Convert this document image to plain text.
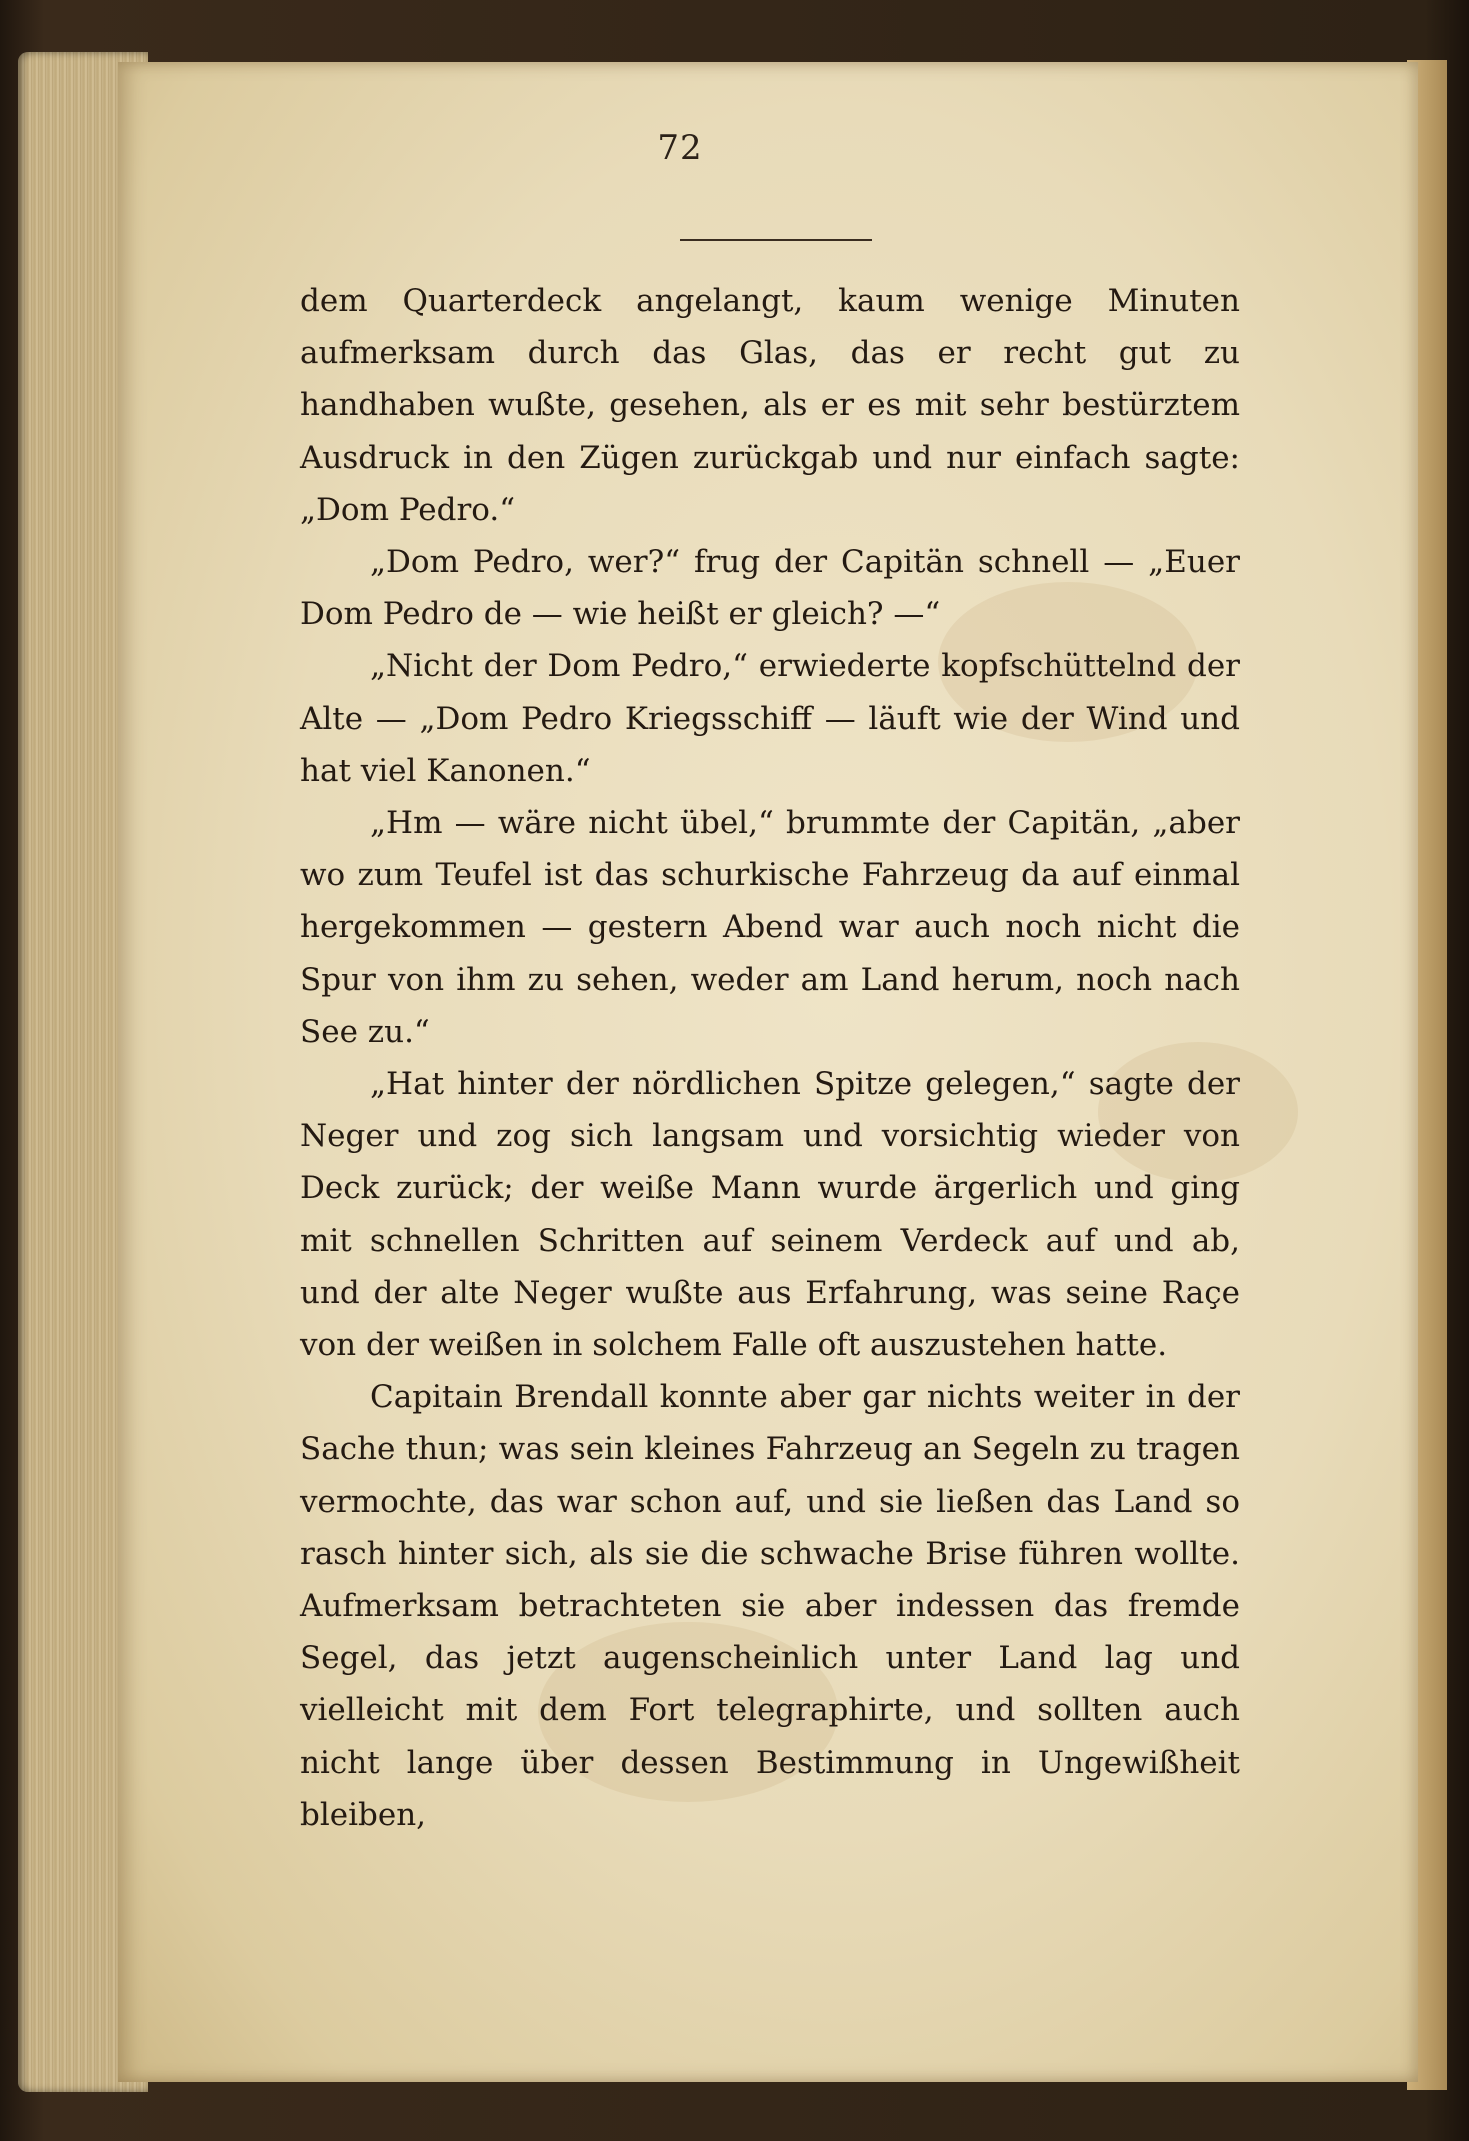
72

dem Quarterdeck angelangt, kaum wenige Minuten aufmerksam durch das Glas, das er recht gut zu handhaben wußte, gesehen, als er es mit sehr bestürztem Ausdruck in den Zügen zurückgab und nur einfach sagte: „Dom Pedro.“

„Dom Pedro, wer?“ frug der Capitän schnell — „Euer Dom Pedro de — wie heißt er gleich? —“

„Nicht der Dom Pedro,“ erwiederte kopfschüttelnd der Alte — „Dom Pedro Kriegsschiff — läuft wie der Wind und hat viel Kanonen.“

„Hm — wäre nicht übel,“ brummte der Capitän, „aber wo zum Teufel ist das schurkische Fahrzeug da auf einmal hergekommen — gestern Abend war auch noch nicht die Spur von ihm zu sehen, weder am Land herum, noch nach See zu.“

„Hat hinter der nördlichen Spitze gelegen,“ sagte der Neger und zog sich langsam und vorsichtig wieder von Deck zurück; der weiße Mann wurde ärgerlich und ging mit schnellen Schritten auf seinem Verdeck auf und ab, und der alte Neger wußte aus Erfahrung, was seine Raçe von der weißen in solchem Falle oft auszustehen hatte.

Capitain Brendall konnte aber gar nichts weiter in der Sache thun; was sein kleines Fahrzeug an Segeln zu tragen vermochte, das war schon auf, und sie ließen das Land so rasch hinter sich, als sie die schwache Brise führen wollte. Aufmerksam betrachteten sie aber indessen das fremde Segel, das jetzt augenscheinlich unter Land lag und vielleicht mit dem Fort telegraphirte, und sollten auch nicht lange über dessen Bestimmung in Ungewißheit bleiben,
